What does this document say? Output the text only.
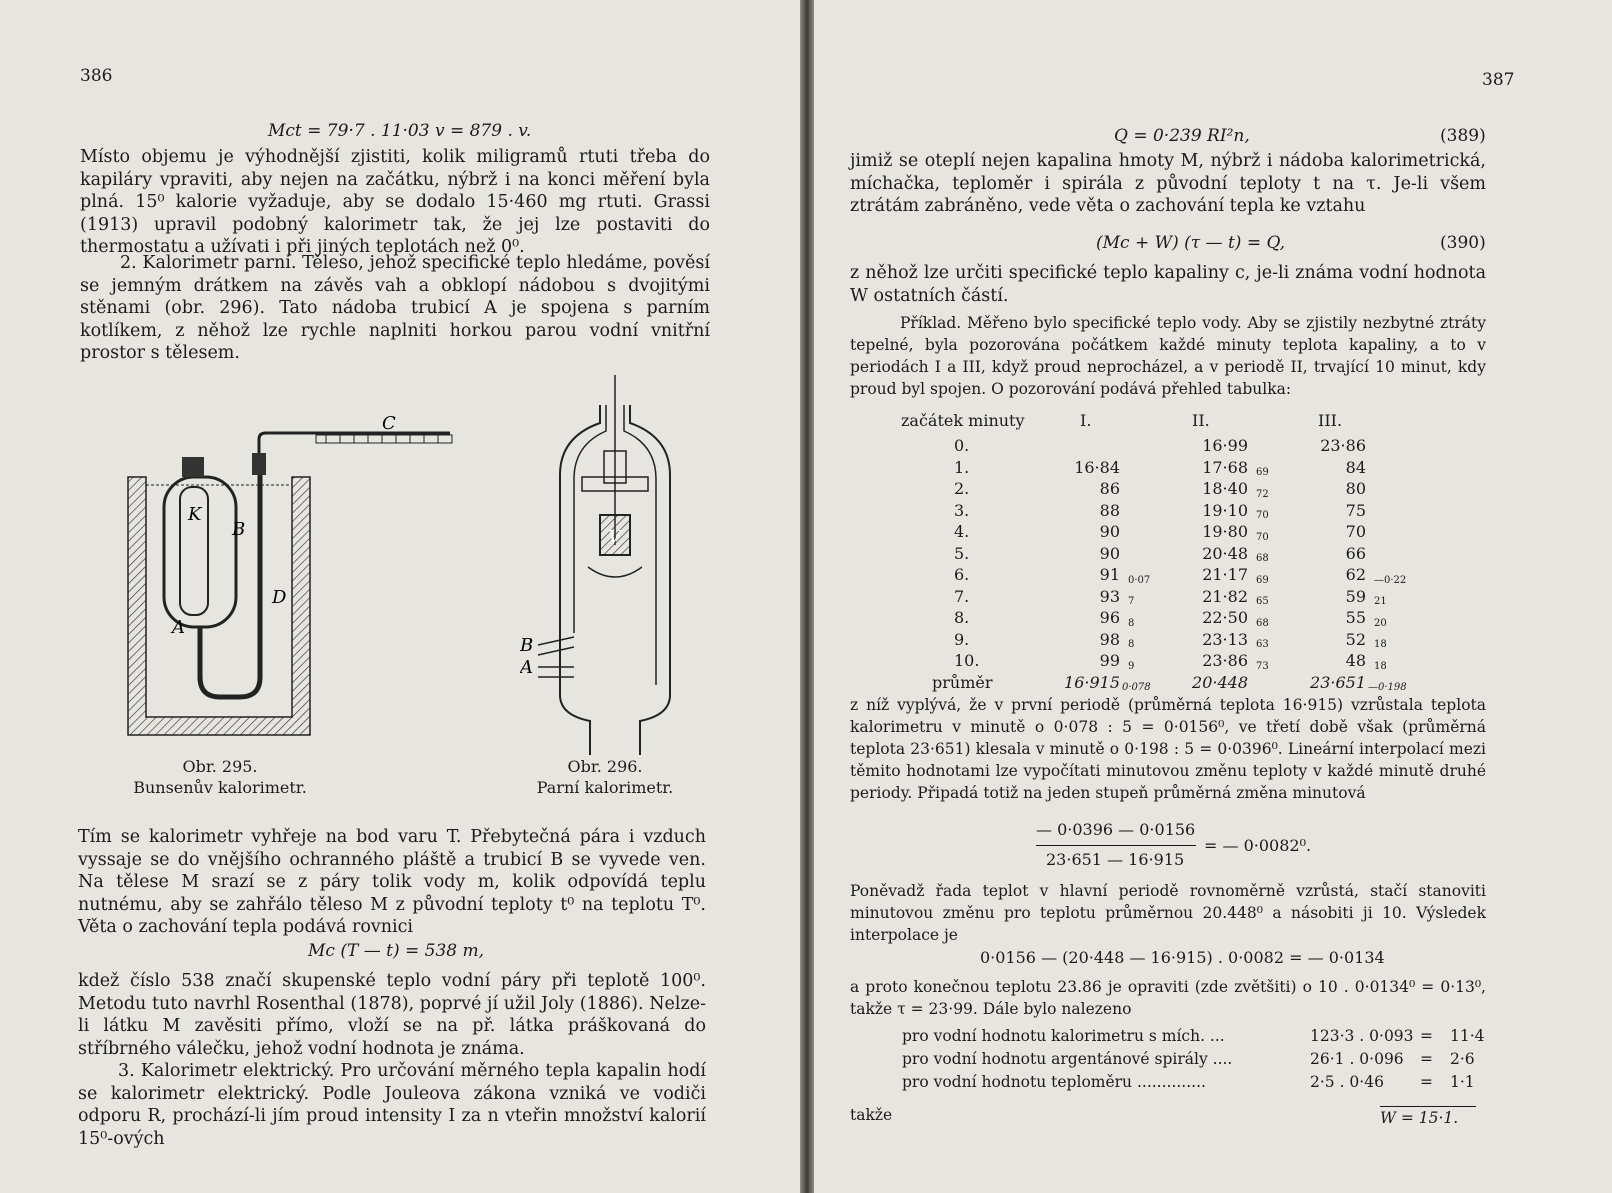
386
Mct = 79·7 . 11·03 v = 879 . v.

Místo objemu je výhodnější zjistiti, kolik miligramů rtuti třeba do kapiláry vpraviti, aby nejen na začátku, nýbrž i na konci měření byla plná. 15⁰ kalorie vyžaduje, aby se dodalo 15·460 mg rtuti. Grassi (1913) upravil podobný kalorimetr tak, že jej lze postaviti do thermostatu a užívati i při jiných teplotách než 0⁰.

2. Kalorimetr parní. Těleso, jehož specifické teplo hledáme, pověsí se jemným drátkem na závěs vah a obklopí nádobou s dvojitými stěnami (obr. 296). Tato nádoba trubicí A je spojena s parním kotlíkem, z něhož lze rychle naplniti horkou parou vodní vnitřní prostor s tělesem.

C
K
B
D
A
Obr. 295.
Bunsenův kalorimetr.
V
B
A
Obr. 296.
Parní kalorimetr.

Tím se kalorimetr vyhřeje na bod varu T. Přebytečná pára i vzduch vyssaje se do vnějšího ochranného pláště a trubicí B se vyvede ven. Na tělese M srazí se z páry tolik vody m, kolik odpovídá teplu nutnému, aby se zahřálo těleso M z původní teploty t⁰ na teplotu T⁰. Věta o zachování tepla podává rovnici

Mc (T — t) = 538 m,

kdež číslo 538 značí skupenské teplo vodní páry při teplotě 100⁰. Metodu tuto navrhl Rosenthal (1878), poprvé jí užil Joly (1886). Nelze-li látku M zavěsiti přímo, vloží se na př. látka práškovaná do stříbrného válečku, jehož vodní hodnota je známa.

3. Kalorimetr elektrický. Pro určování měrného tepla kapalin hodí se kalorimetr elektrický. Podle Jouleova zákona vzniká ve vodiči odporu R, prochází-li jím proud intensity I za n vteřin množství kalorií 15⁰-ových

387
Q = 0·239 RI²n,	(389)

jimiž se oteplí nejen kapalina hmoty M, nýbrž i nádoba kalorimetrická, míchačka, teploměr i spirála z původní teploty t na τ. Je-li všem ztrátám zabráněno, vede věta o zachování tepla ke vztahu

(Mc + W) (τ — t) = Q,	(390)

z něhož lze určiti specifické teplo kapaliny c, je-li známa vodní hodnota W ostatních částí.

Příklad. Měřeno bylo specifické teplo vody. Aby se zjistily nezbytné ztráty tepelné, byla pozorována počátkem každé minuty teplota kapaliny, a to v periodách I a III, když proud neprocházel, a v periodě II, trvající 10 minut, kdy proud byl spojen. O pozorování podává přehled tabulka:

začátek minuty	I.		II.		III.	
0.			16·99		23·86	
1.	16·84		17·68	69	84	
2.	86		18·40	72	80	
3.	88		19·10	70	75	
4.	90		19·80	70	70	
5.	90		20·48	68	66	
6.	91	0·07	21·17	69	62	—0·22
7.	93	7	21·82	65	59	21
8.	96	8	22·50	68	55	20
9.	98	8	23·13	63	52	18
10.	99	9	23·86	73	48	18
průměr	16·915	0·078	20·448		23·651	—0·198

z níž vyplývá, že v první periodě (průměrná teplota 16·915) vzrůstala teplota kalorimetru v minutě o 0·078 : 5 = 0·0156⁰, ve třetí době však (průměrná teplota 23·651) klesala v minutě o 0·198 : 5 = 0·0396⁰. Lineární interpolací mezi těmito hodnotami lze vypočítati minutovou změnu teploty v každé minutě druhé periody. Připadá totiž na jeden stupeň průměrná změna minutová

— 0·0396 — 0·0156
23·651 — 16·915
= — 0·0082⁰.

Poněvadž řada teplot v hlavní periodě rovnoměrně vzrůstá, stačí stanoviti minutovou změnu pro teplotu průměrnou 20.448⁰ a násobiti ji 10. Výsledek interpolace je

0·0156 — (20·448 — 16·915) . 0·0082 = — 0·0134

a proto konečnou teplotu 23.86 je opraviti (zde zvětšiti) o 10 . 0·0134⁰ = 0·13⁰, takže τ = 23·99. Dále bylo nalezeno

pro vodní hodnotu kalorimetru s mích. ...	123·3 . 0·093 = 11·4
pro vodní hodnotu argentánové spirály ....	26·1 . 0·096 = 2·6
pro vodní hodnotu teploměru ..............	2·5 . 0·46 = 1·1
takže	W = 15·1.
